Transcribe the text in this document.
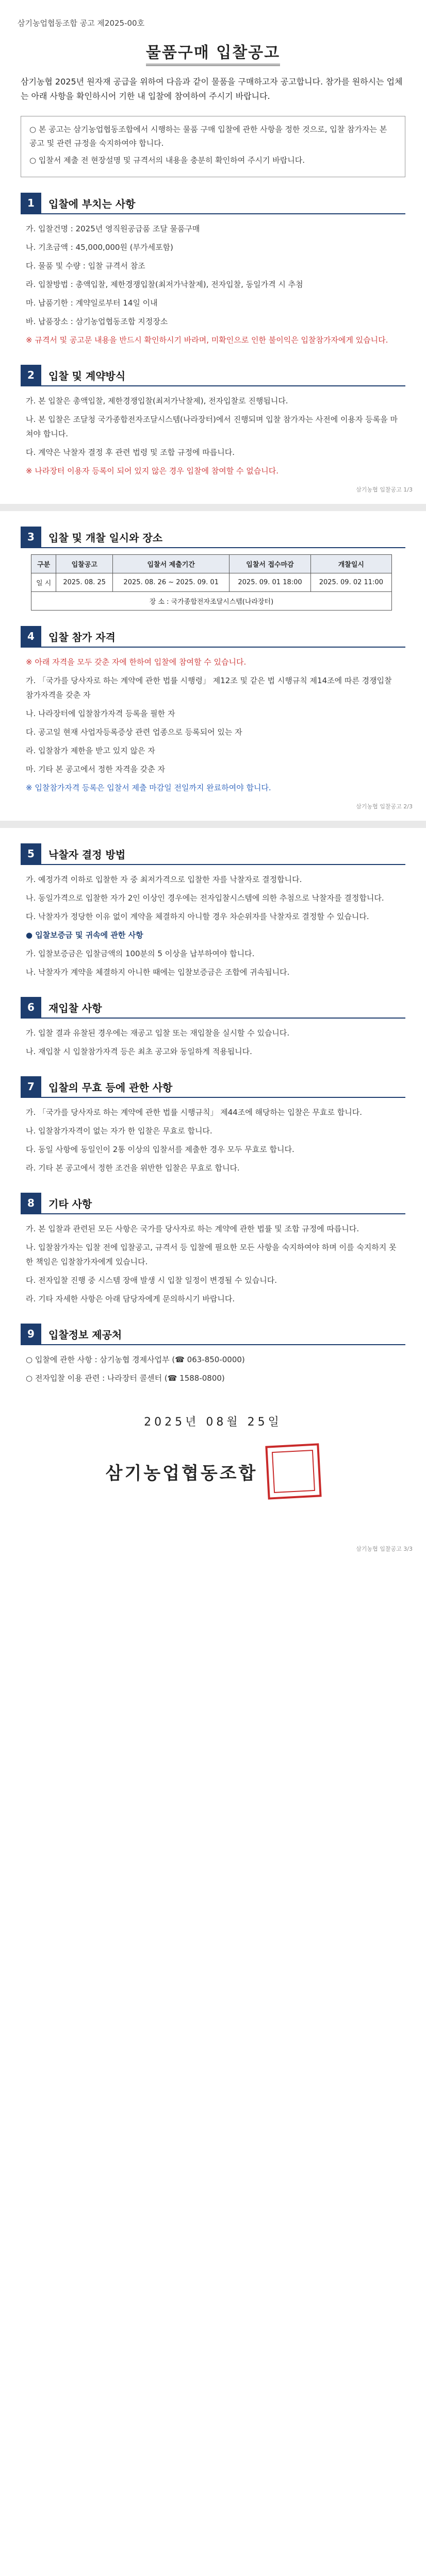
삼기농업협동조합 공고 제2025-00호
물품구매 입찰공고
삼기농협 2025년 원자재 공급을 위하여 다음과 같이 물품을 구매하고자 공고합니다. 참가를 원하시는 업체는 아래 사항을 확인하시어 기한 내 입찰에 참여하여 주시기 바랍니다.

○ 본 공고는 삼기농업협동조합에서 시행하는 물품 구매 입찰에 관한 사항을 정한 것으로, 입찰 참가자는 본 공고 및 관련 규정을 숙지하여야 합니다.

○ 입찰서 제출 전 현장설명 및 규격서의 내용을 충분히 확인하여 주시기 바랍니다.

1	입찰에 부치는 사항
가. 입찰건명 : 2025년 영직원공급품 조달 물품구매
나. 기초금액 : 45,000,000원 (부가세포함)
다. 물품 및 수량 : 입찰 규격서 참조
라. 입찰방법 : 총액입찰, 제한경쟁입찰(최저가낙찰제), 전자입찰, 동일가격 시 추첨
마. 납품기한 : 계약일로부터 14일 이내
바. 납품장소 : 삼기농업협동조합 지정장소
※ 규격서 및 공고문 내용을 반드시 확인하시기 바라며, 미확인으로 인한 불이익은 입찰참가자에게 있습니다.
2	입찰 및 계약방식
가. 본 입찰은 총액입찰, 제한경쟁입찰(최저가낙찰제), 전자입찰로 진행됩니다.
나. 본 입찰은 조달청 국가종합전자조달시스템(나라장터)에서 진행되며 입찰 참가자는 사전에 이용자 등록을 마쳐야 합니다.
다. 계약은 낙찰자 결정 후 관련 법령 및 조합 규정에 따릅니다.
※ 나라장터 이용자 등록이 되어 있지 않은 경우 입찰에 참여할 수 없습니다.
삼기농협 입찰공고 1/3
3	입찰 및 개찰 일시와 장소
구분	입찰공고	입찰서 제출기간	입찰서 접수마감	개찰일시
일 시	2025. 08. 25	2025. 08. 26 ~ 2025. 09. 01	2025. 09. 01 18:00	2025. 09. 02 11:00
장 소 : 국가종합전자조달시스템(나라장터)				
4	입찰 참가 자격
※ 아래 자격을 모두 갖춘 자에 한하여 입찰에 참여할 수 있습니다.
가. 「국가를 당사자로 하는 계약에 관한 법률 시행령」 제12조 및 같은 법 시행규칙 제14조에 따른 경쟁입찰 참가자격을 갖춘 자
나. 나라장터에 입찰참가자격 등록을 필한 자
다. 공고일 현재 사업자등록증상 관련 업종으로 등록되어 있는 자
라. 입찰참가 제한을 받고 있지 않은 자
마. 기타 본 공고에서 정한 자격을 갖춘 자
※ 입찰참가자격 등록은 입찰서 제출 마감일 전일까지 완료하여야 합니다.
삼기농협 입찰공고 2/3
5	낙찰자 결정 방법
가. 예정가격 이하로 입찰한 자 중 최저가격으로 입찰한 자를 낙찰자로 결정합니다.
나. 동일가격으로 입찰한 자가 2인 이상인 경우에는 전자입찰시스템에 의한 추첨으로 낙찰자를 결정합니다.
다. 낙찰자가 정당한 이유 없이 계약을 체결하지 아니할 경우 차순위자를 낙찰자로 결정할 수 있습니다.
● 입찰보증금 및 귀속에 관한 사항
가. 입찰보증금은 입찰금액의 100분의 5 이상을 납부하여야 합니다.
나. 낙찰자가 계약을 체결하지 아니한 때에는 입찰보증금은 조합에 귀속됩니다.
6	재입찰 사항
가. 입찰 결과 유찰된 경우에는 재공고 입찰 또는 재입찰을 실시할 수 있습니다.
나. 재입찰 시 입찰참가자격 등은 최초 공고와 동일하게 적용됩니다.
7	입찰의 무효 등에 관한 사항
가. 「국가를 당사자로 하는 계약에 관한 법률 시행규칙」 제44조에 해당하는 입찰은 무효로 합니다.
나. 입찰참가자격이 없는 자가 한 입찰은 무효로 합니다.
다. 동일 사항에 동일인이 2통 이상의 입찰서를 제출한 경우 모두 무효로 합니다.
라. 기타 본 공고에서 정한 조건을 위반한 입찰은 무효로 합니다.
8	기타 사항
가. 본 입찰과 관련된 모든 사항은 국가를 당사자로 하는 계약에 관한 법률 및 조합 규정에 따릅니다.
나. 입찰참가자는 입찰 전에 입찰공고, 규격서 등 입찰에 필요한 모든 사항을 숙지하여야 하며 이를 숙지하지 못한 책임은 입찰참가자에게 있습니다.
다. 전자입찰 진행 중 시스템 장애 발생 시 입찰 일정이 변경될 수 있습니다.
라. 기타 자세한 사항은 아래 담당자에게 문의하시기 바랍니다.
9	입찰정보 제공처
○ 입찰에 관한 사항 : 삼기농협 경제사업부 (☎ 063-850-0000)
○ 전자입찰 이용 관련 : 나라장터 콜센터 (☎ 1588-0800)
2025년 08월 25일
삼기농업협동조합
삼기농협 입찰공고 3/3
